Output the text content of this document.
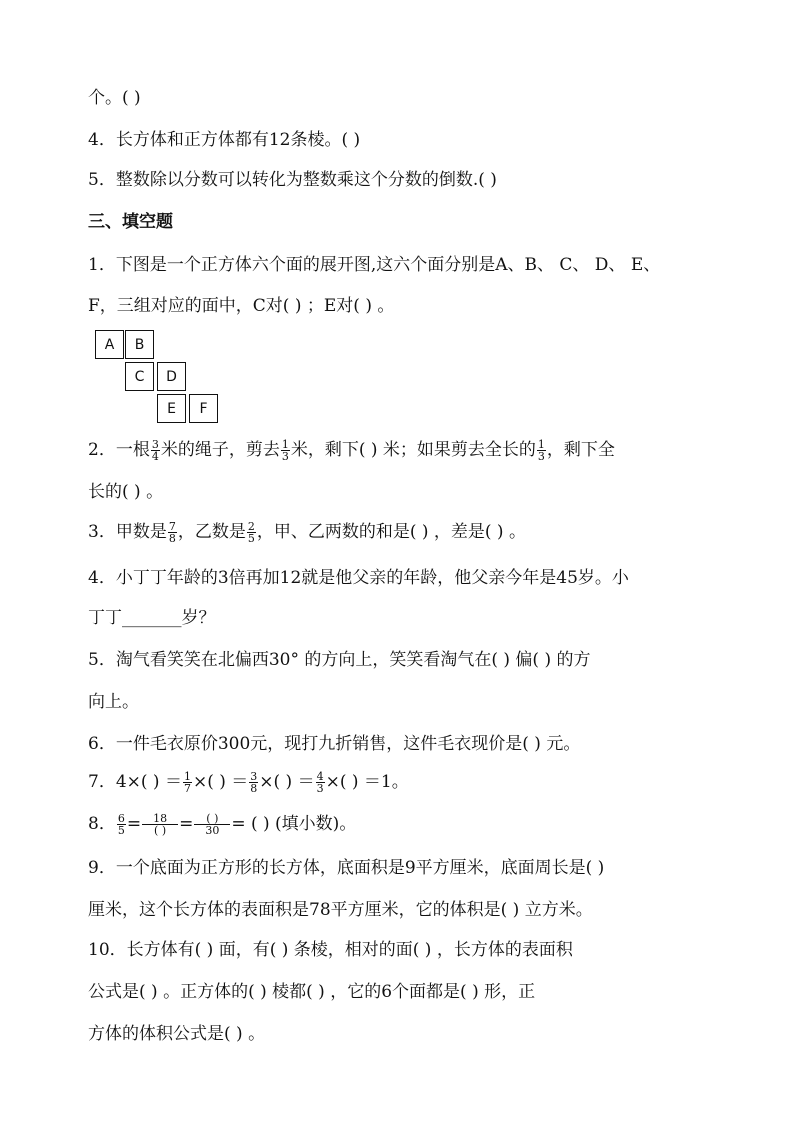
个。( )
4．长方体和正方体都有12条棱。( )
5．整数除以分数可以转化为整数乘这个分数的倒数.( )
三、填空题
1．下图是一个正方体六个面的展开图,这六个面分别是A、B、 C、 D、 E、
F，三组对应的面中，C对( ) ；E对( ) 。
A	B
C	D
E	F
2．一根 $\frac{3}{4}$ 米的绳子，剪去 $\frac{1}{3}$ 米，剩下( ) 米；如果剪去全长的 $\frac{1}{3}$ ，剩下全
长的( ) 。
3．甲数是 $\frac{7}{8}$ ，乙数是 $\frac{2}{5}$ ，甲、乙两数的和是( ) ，差是( ) 。
4．小丁丁年龄的3倍再加12就是他父亲的年龄，他父亲今年是45岁。小
丁丁_______岁？
5．淘气看笑笑在北偏西30° 的方向上，笑笑看淘气在( ) 偏( ) 的方
向上。
6．一件毛衣原价300元，现打九折销售，这件毛衣现价是( ) 元。
7．4×( ) ＝ $\frac{1}{7}$ ×( ) ＝ $\frac{3}{8}$ ×( ) ＝ $\frac{4}{3}$ ×( ) ＝1。
8． $\frac{6}{5} = \frac{18}{( )} = \frac{( )}{30}$ = ( ) (填小数)。
9．一个底面为正方形的长方体，底面积是9平方厘米，底面周长是( )
厘米，这个长方体的表面积是78平方厘米，它的体积是( ) 立方米。
10．长方体有( ) 面，有( ) 条棱，相对的面( ) ，长方体的表面积
公式是( ) 。正方体的( ) 棱都( ) ，它的6个面都是( ) 形，正
方体的体积公式是( ) 。
